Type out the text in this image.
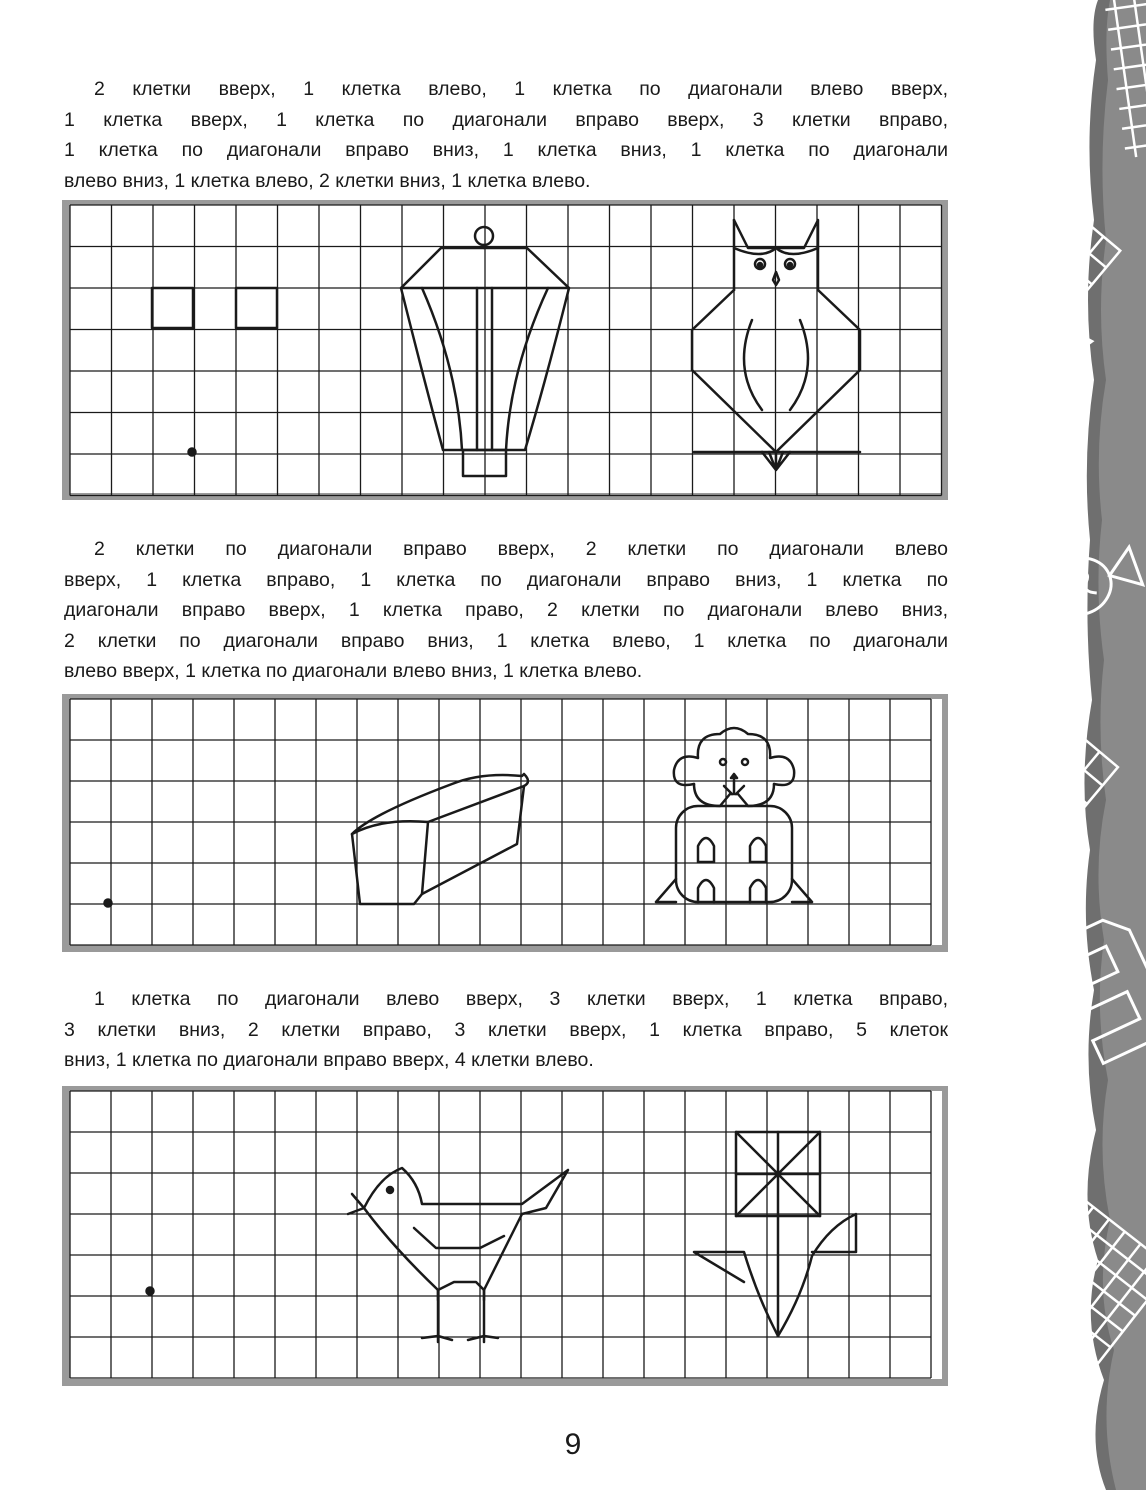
2 клетки вверх, 1 клетка влево, 1 клетка по диагонали влево вверх,
1 клетка вверх, 1 клетка по диагонали вправо вверх, 3 клетки вправо,
1 клетка по диагонали вправо вниз, 1 клетка вниз, 1 клетка по диагонали
влево вниз, 1 клетка влево, 2 клетки вниз, 1 клетка влево.
2 клетки по диагонали вправо вверх, 2 клетки по диагонали влево
вверх, 1 клетка вправо, 1 клетка по диагонали вправо вниз, 1 клетка по
диагонали вправо вверх, 1 клетка право, 2 клетки по диагонали влево вниз,
2 клетки по диагонали вправо вниз, 1 клетка влево, 1 клетка по диагонали
влево вверх, 1 клетка по диагонали влево вниз, 1 клетка влево.
1 клетка по диагонали влево вверх, 3 клетки вверх, 1 клетка вправо,
3 клетки вниз, 2 клетки вправо, 3 клетки вверх, 1 клетка вправо, 5 клеток
вниз, 1 клетка по диагонали вправо вверх, 4 клетки влево.
9
